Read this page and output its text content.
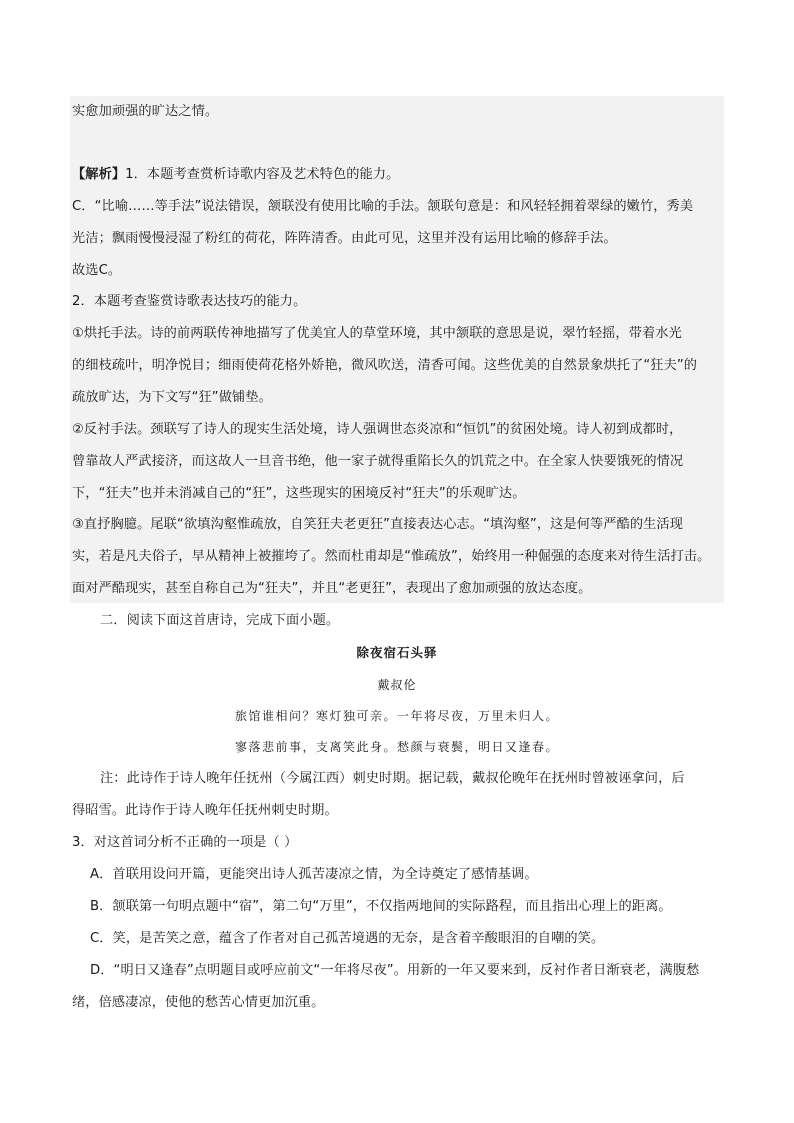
实愈加顽强的旷达之情。
【解析】1．本题考查赏析诗歌内容及艺术特色的能力。
C．“比喻……等手法”说法错误，颔联没有使用比喻的手法。颔联句意是：和风轻轻拥着翠绿的嫩竹，秀美
光洁；飘雨慢慢浸湿了粉红的荷花，阵阵清香。由此可见，这里并没有运用比喻的修辞手法。
故选C。
2．本题考查鉴赏诗歌表达技巧的能力。
①烘托手法。诗的前两联传神地描写了优美宜人的草堂环境，其中颔联的意思是说，翠竹轻摇，带着水光
的细枝疏叶，明净悦目；细雨使荷花格外娇艳，微风吹送，清香可闻。这些优美的自然景象烘托了“狂夫”的
疏放旷达，为下文写“狂”做铺垫。
②反衬手法。颈联写了诗人的现实生活处境，诗人强调世态炎凉和“恒饥”的贫困处境。诗人初到成都时，
曾靠故人严武接济，而这故人一旦音书绝，他一家子就得重陷长久的饥荒之中。在全家人快要饿死的情况
下，“狂夫”也并未消减自己的“狂”，这些现实的困境反衬“狂夫”的乐观旷达。
③直抒胸臆。尾联“欲填沟壑惟疏放，自笑狂夫老更狂”直接表达心志。“填沟壑”，这是何等严酷的生活现
实，若是凡夫俗子，早从精神上被摧垮了。然而杜甫却是“惟疏放”，始终用一种倔强的态度来对待生活打击。
面对严酷现实，甚至自称自己为“狂夫”，并且“老更狂”，表现出了愈加顽强的放达态度。
二．阅读下面这首唐诗，完成下面小题。
除夜宿石头驿
戴叔伦
旅馆谁相问？寒灯独可亲。一年将尽夜，万里未归人。
寥落悲前事，支离笑此身。愁颜与衰鬓，明日又逢春。
注：此诗作于诗人晚年任抚州（今属江西）刺史时期。据记载，戴叔伦晚年在抚州时曾被诬拿问，后
得昭雪。此诗作于诗人晚年任抚州刺史时期。
3．对这首词分析不正确的一项是（ ）
A．首联用设问开篇，更能突出诗人孤苦凄凉之情，为全诗奠定了感情基调。
B．颔联第一句明点题中“宿”，第二句“万里”，不仅指两地间的实际路程，而且指出心理上的距离。
C．笑，是苦笑之意，蕴含了作者对自己孤苦境遇的无奈，是含着辛酸眼泪的自嘲的笑。
D．“明日又逢春”点明题目或呼应前文“一年将尽夜”。用新的一年又要来到，反衬作者日渐衰老，满腹愁
绪，倍感凄凉，使他的愁苦心情更加沉重。
